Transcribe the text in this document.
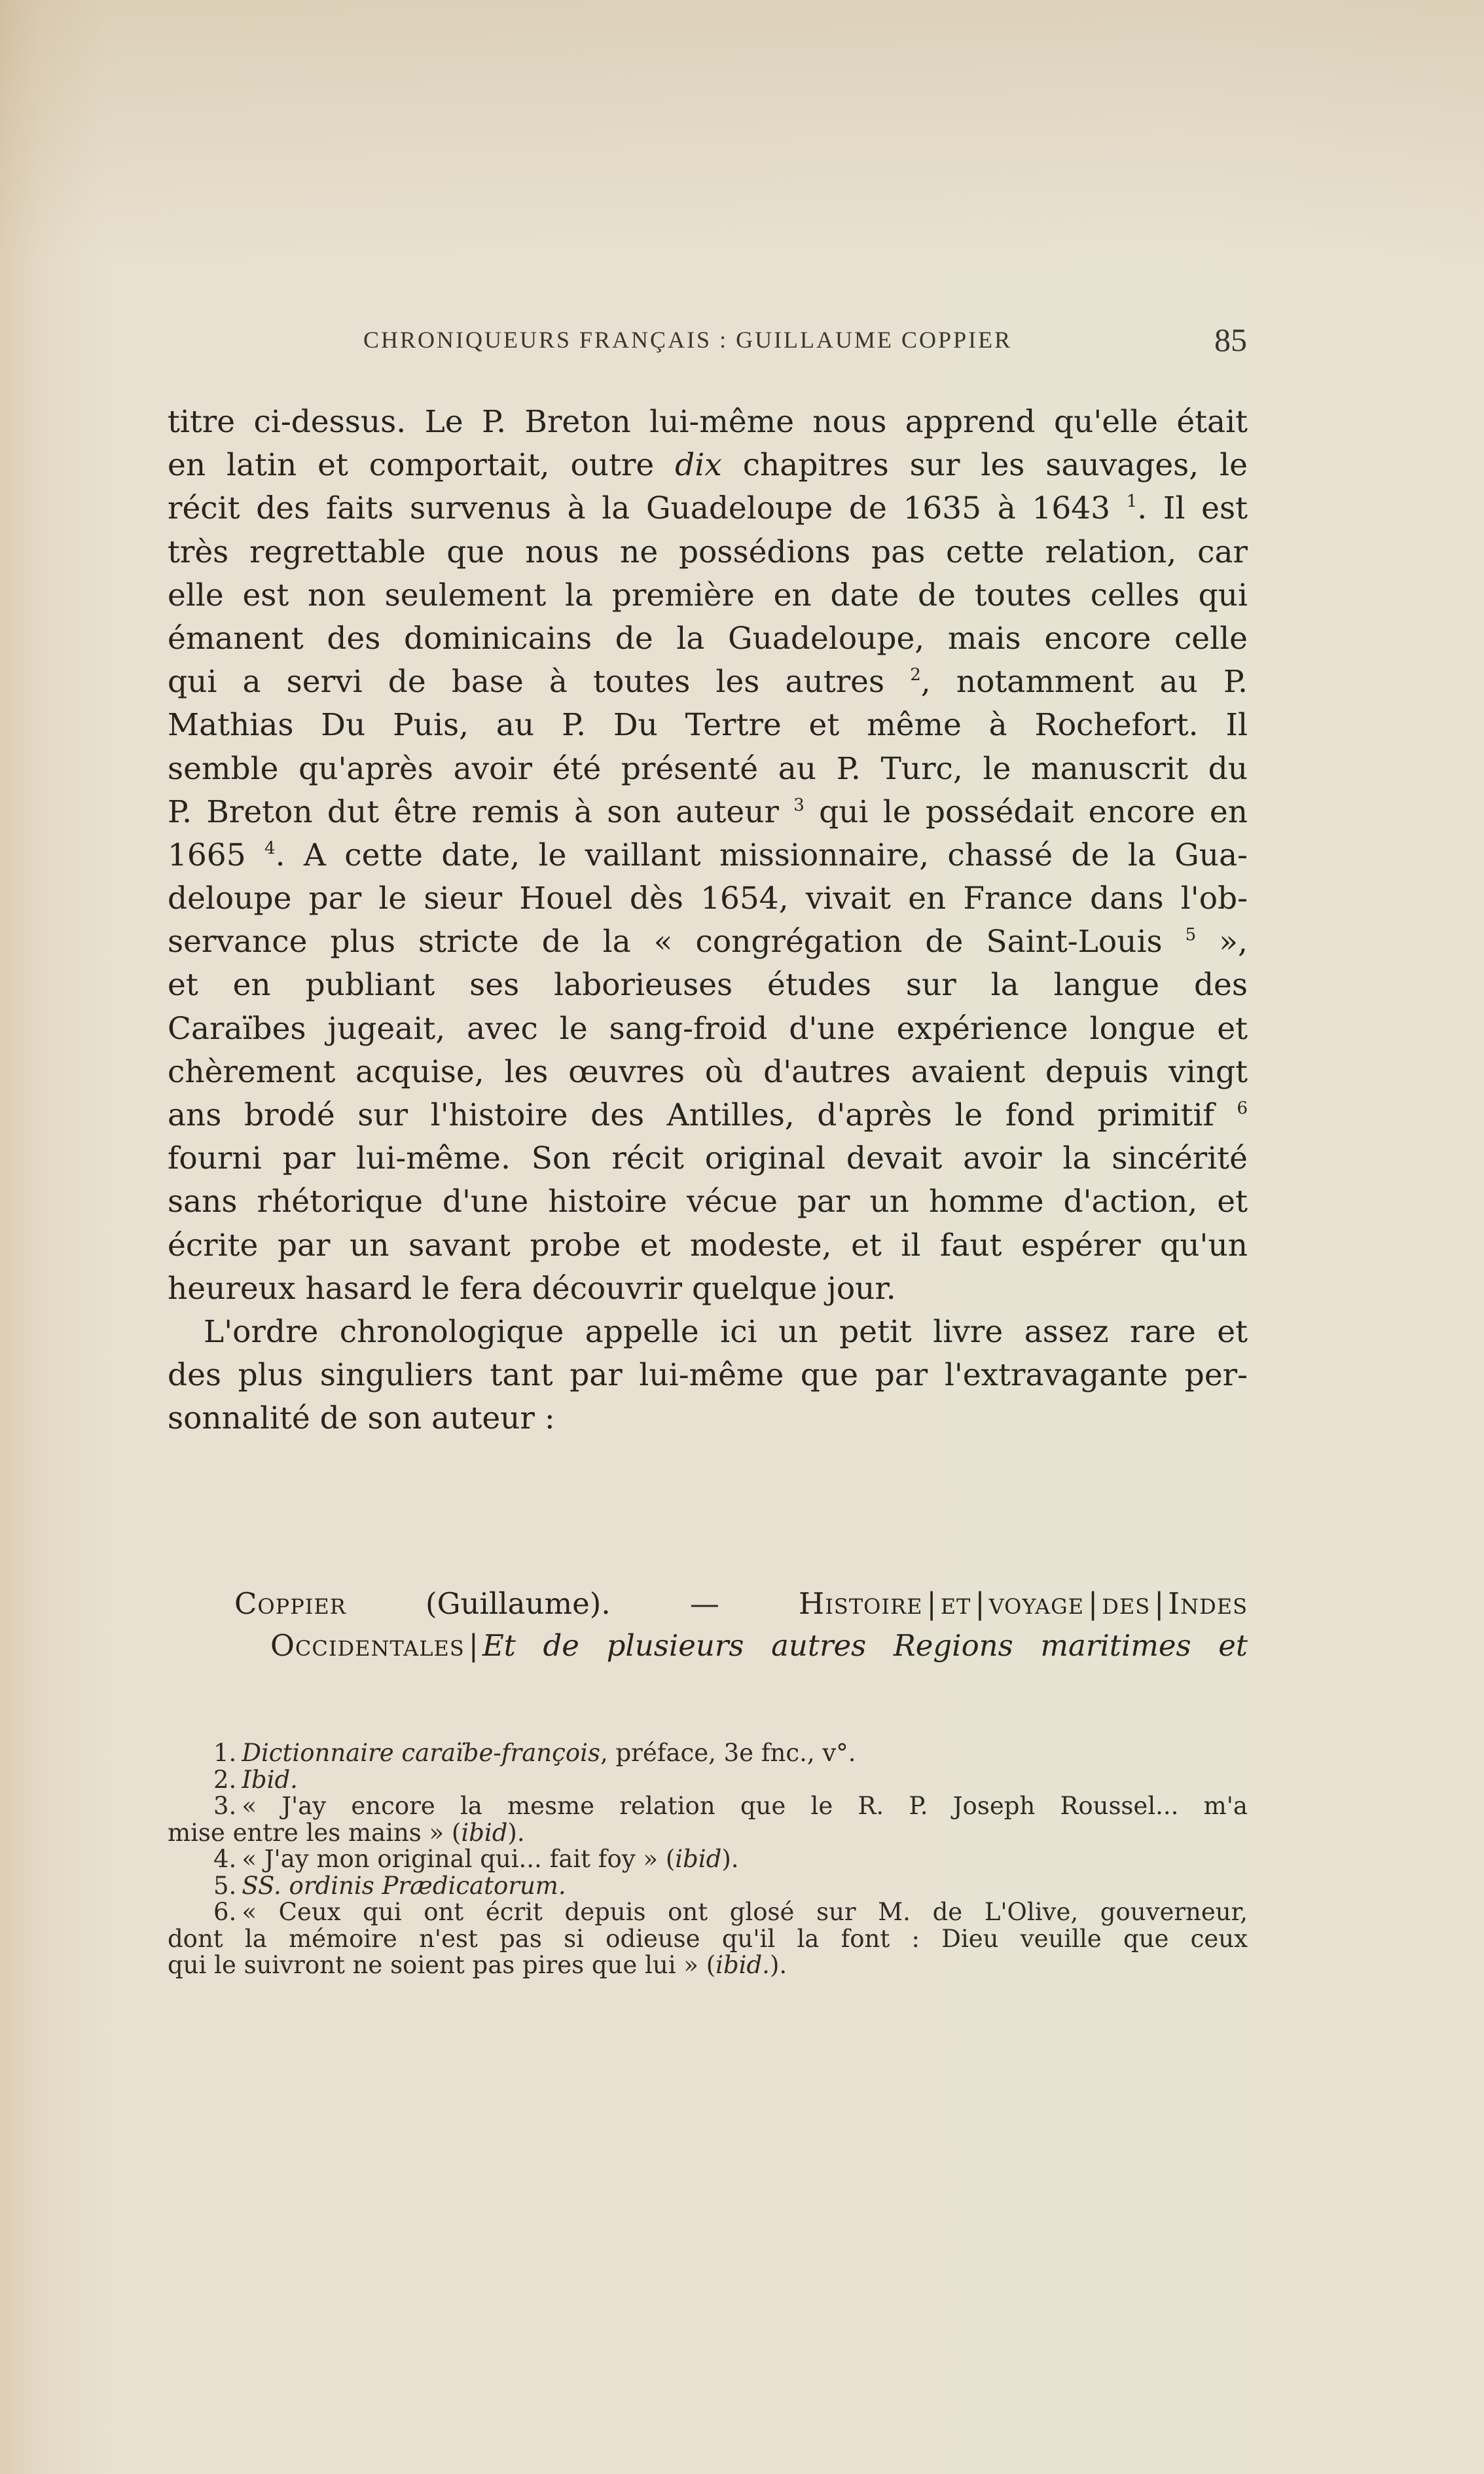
CHRONIQUEURS FRANÇAIS : GUILLAUME COPPIER	85
titre ci-dessus. Le P. Breton lui-même nous apprend qu'elle était
en latin et comportait, outre dix chapitres sur les sauvages, le
récit des faits survenus à la Guadeloupe de 1635 à 1643 $^1$. Il est
très regrettable que nous ne possédions pas cette relation, car
elle est non seulement la première en date de toutes celles qui
émanent des dominicains de la Guadeloupe, mais encore celle
qui a servi de base à toutes les autres $^2$, notamment au P.
Mathias Du Puis, au P. Du Tertre et même à Rochefort. Il
semble qu'après avoir été présenté au P. Turc, le manuscrit du
P. Breton dut être remis à son auteur $^3$ qui le possédait encore en
1665 $^4$. A cette date, le vaillant missionnaire, chassé de la Gua-
deloupe par le sieur Houel dès 1654, vivait en France dans l'ob-
servance plus stricte de la « congrégation de Saint-Louis $^5$ »,
et en publiant ses laborieuses études sur la langue des
Caraïbes jugeait, avec le sang-froid d'une expérience longue et
chèrement acquise, les œuvres où d'autres avaient depuis vingt
ans brodé sur l'histoire des Antilles, d'après le fond primitif $^6$
fourni par lui-même. Son récit original devait avoir la sincérité
sans rhétorique d'une histoire vécue par un homme d'action, et
écrite par un savant probe et modeste, et il faut espérer qu'un
heureux hasard le fera découvrir quelque jour.
L'ordre chronologique appelle ici un petit livre assez rare et
des plus singuliers tant par lui-même que par l'extravagante per-
sonnalité de son auteur :
Coppier	(Guillaume).	—	Histoire | et | voyage | des | Indes
Occidentales | Et de plusieurs autres Regions maritimes et
1. Dictionnaire caraïbe-françois, préface, 3e fnc., v°.
2. Ibid.
3. « J'ay encore la mesme relation que le R. P. Joseph Roussel... m'a
mise entre les mains » (ibid).
4. « J'ay mon original qui... fait foy » (ibid).
5. SS. ordinis Prædicatorum.
6. « Ceux qui ont écrit depuis ont glosé sur M. de L'Olive, gouverneur,
dont la mémoire n'est pas si odieuse qu'il la font : Dieu veuille que ceux
qui le suivront ne soient pas pires que lui » (ibid.).
